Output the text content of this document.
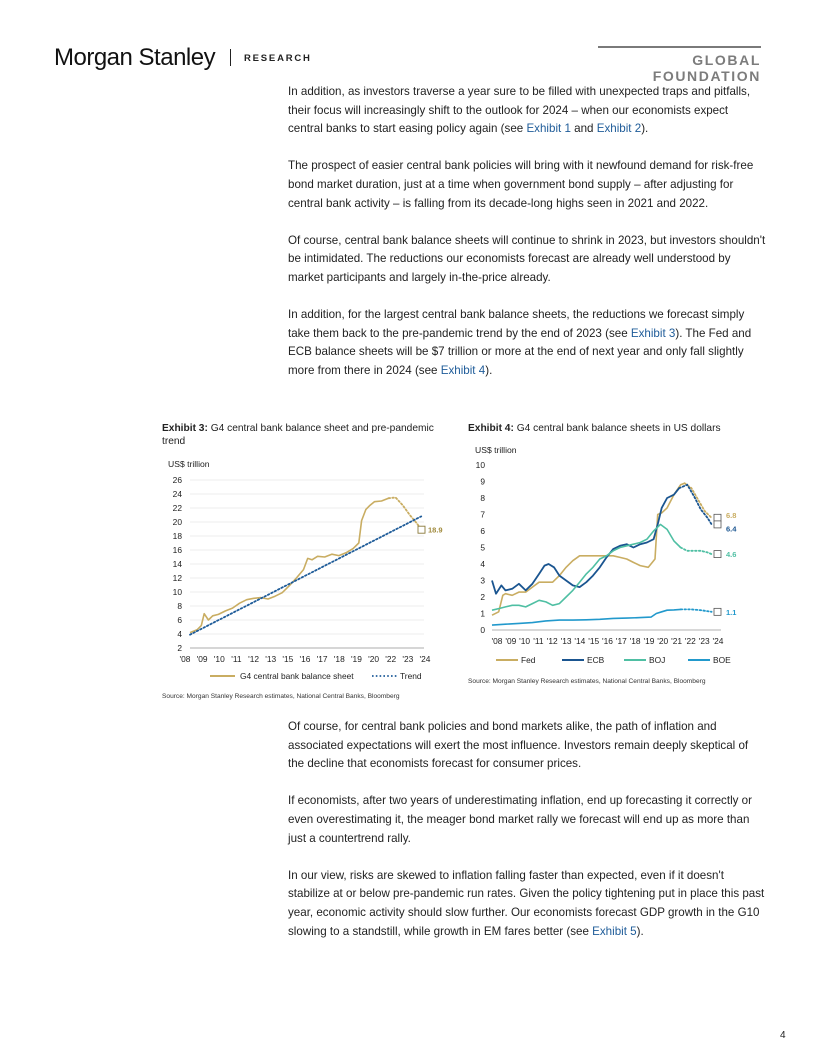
Morgan Stanley	RESEARCH	GLOBAL FOUNDATION

In addition, as investors traverse a year sure to be filled with unexpected traps and pitfalls, their focus will increasingly shift to the outlook for 2024 – when our economists expect central banks to start easing policy again (see Exhibit 1 and Exhibit 2).

The prospect of easier central bank policies will bring with it newfound demand for risk-free bond market duration, just at a time when government bond supply – after adjusting for central bank activity – is falling from its decade-long highs seen in 2021 and 2022.

Of course, central bank balance sheets will continue to shrink in 2023, but investors shouldn't be intimidated. The reductions our economists forecast are already well understood by market participants and largely in-the-price already.

In addition, for the largest central bank balance sheets, the reductions we forecast simply take them back to the pre-pandemic trend by the end of 2023 (see Exhibit 3). The Fed and ECB balance sheets will be $7 trillion or more at the end of next year and only fall slightly more from there in 2024 (see Exhibit 4).

Exhibit 3: G4 central bank balance sheet and pre-pandemic trend
US$ trillion
2
4
6
8
10
12
14
16
18
20
22
24
26
'08 '09 '10 '11 '12 '13 '15 '16 '17 '18 '19 '20 '22 '23 '24
18.9
G4 central bank balance sheet	Trend
Source: Morgan Stanley Research estimates, National Central Banks, Bloomberg
Exhibit 4: G4 central bank balance sheets in US dollars
US$ trillion
0
1
2
3
4
5
6
7
8
9
10
'08 '09 '10 '11 '12 '13 '14 '15 '16 '17 '18 '19 '20 '21 '22 '23 '24
6.8
6.4
4.6
1.1
Fed	ECB	BOJ	BOE
Source: Morgan Stanley Research estimates, National Central Banks, Bloomberg

Of course, for central bank policies and bond markets alike, the path of inflation and associated expectations will exert the most influence. Investors remain deeply skeptical of the decline that economists forecast for consumer prices.

If economists, after two years of underestimating inflation, end up forecasting it correctly or even overestimating it, the meager bond market rally we forecast will end up as more than just a countertrend rally.

In our view, risks are skewed to inflation falling faster than expected, even if it doesn't stabilize at or below pre-pandemic run rates. Given the policy tightening put in place this past year, economic activity should slow further. Our economists forecast GDP growth in the G10 slowing to a standstill, while growth in EM fares better (see Exhibit 5).

4
